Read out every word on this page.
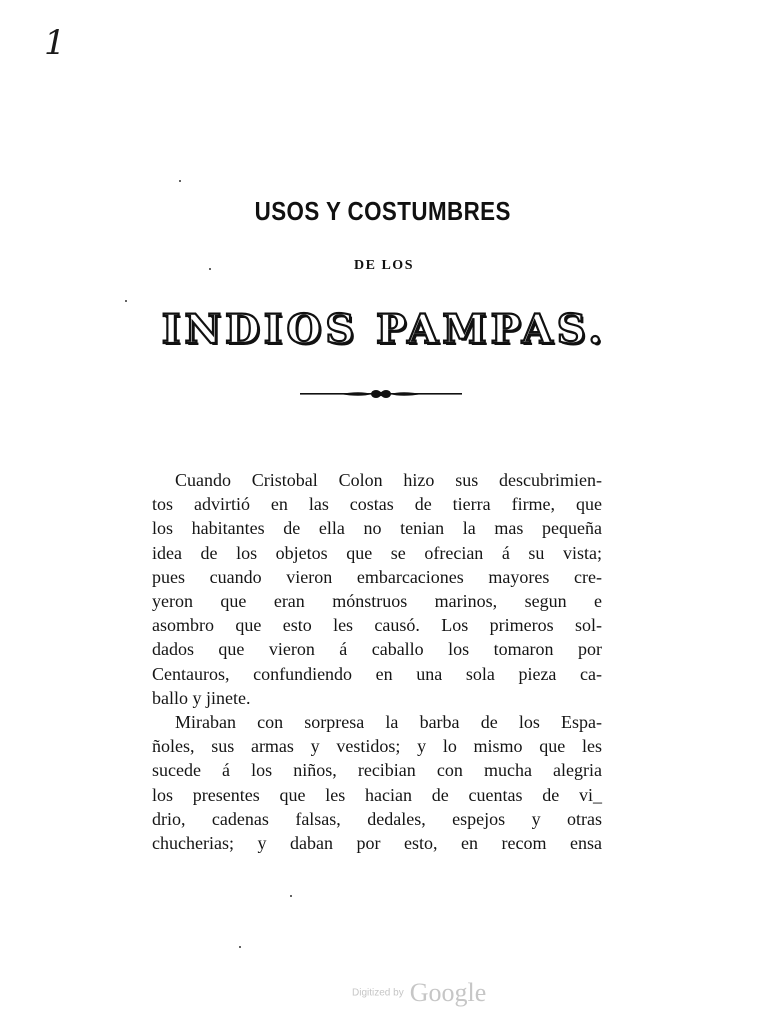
1
USOS Y COSTUMBRES
DE LOS
INDIOS PAMPAS.
Cuando Cristobal Colon hizo sus descubrimien-
tos advirtió en las costas de tierra firme, que
los habitantes de ella no tenian la mas pequeña
idea de los objetos que se ofrecian á su vista;
pues cuando vieron embarcaciones mayores cre-
yeron que eran mónstruos marinos, segun e
asombro que esto les causó. Los primeros sol-
dados que vieron á caballo los tomaron por
Centauros, confundiendo en una sola pieza ca-
ballo y jinete.
Miraban con sorpresa la barba de los Espa-
ñoles, sus armas y vestidos; y lo mismo que les
sucede á los niños, recibian con mucha alegria
los presentes que les hacian de cuentas de vi_
drio, cadenas falsas, dedales, espejos y otras
chucherias; y daban por esto, en recom ensa
Digitized by Google
